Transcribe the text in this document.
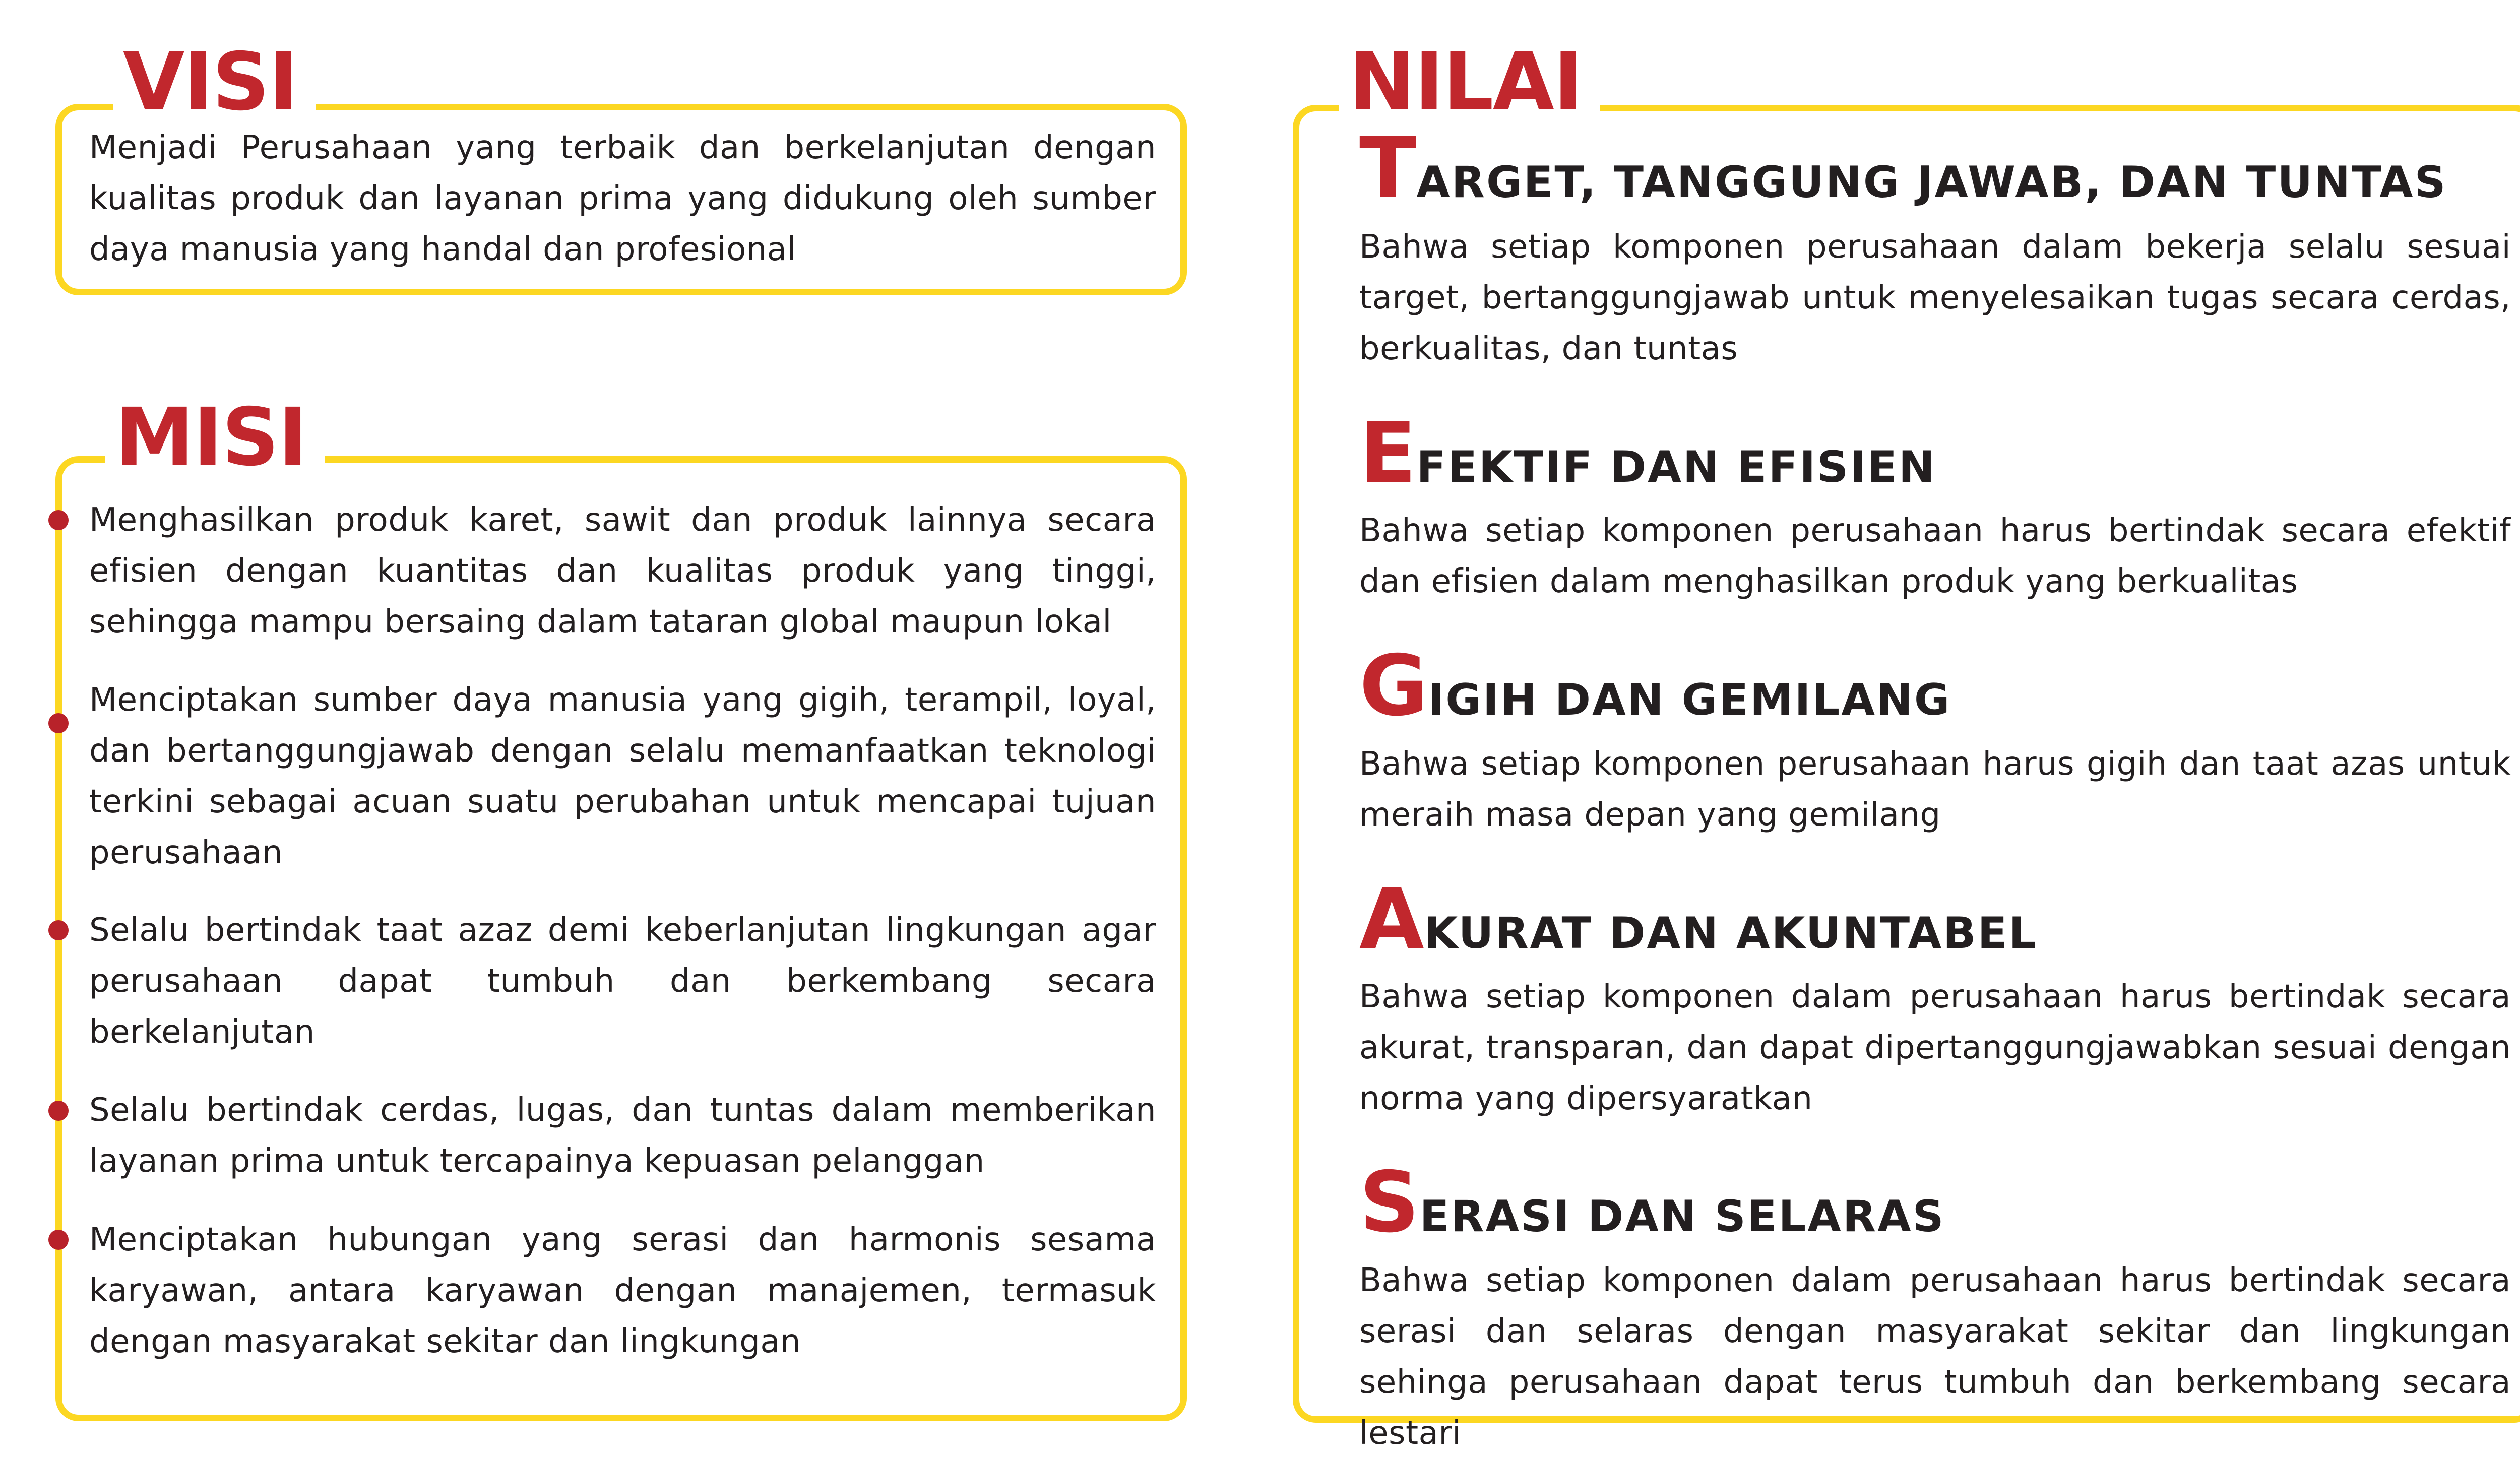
VISI

Menjadi Perusahaan yang terbaik dan berkelanjutan dengan kualitas produk dan layanan prima yang didukung oleh sumber daya manusia yang handal dan profesional

MISI

Menghasilkan produk karet, sawit dan produk lainnya secara efisien dengan kuantitas dan kualitas produk yang tinggi, sehingga mampu bersaing dalam tataran global maupun lokal

Menciptakan sumber daya manusia yang gigih, terampil, loyal, dan bertanggungjawab dengan selalu memanfaatkan teknologi terkini sebagai acuan suatu perubahan untuk mencapai tujuan perusahaan

Selalu bertindak taat azaz demi keberlanjutan lingkungan agar perusahaan dapat tumbuh dan berkembang secara berkelanjutan

Selalu bertindak cerdas, lugas, dan tuntas dalam memberikan layanan prima untuk tercapainya kepuasan pelanggan

Menciptakan hubungan yang serasi dan harmonis sesama karyawan, antara karyawan dengan manajemen, termasuk dengan masyarakat sekitar dan lingkungan

NILAI
TARGET, TANGGUNG JAWAB, DAN TUNTAS

Bahwa setiap komponen perusahaan dalam bekerja selalu sesuai target, bertanggungjawab untuk menyelesaikan tugas secara cerdas, berkualitas, dan tuntas

EFEKTIF DAN EFISIEN

Bahwa setiap komponen perusahaan harus bertindak secara efektif dan efisien dalam menghasilkan produk yang berkualitas

GIGIH DAN GEMILANG

Bahwa setiap komponen perusahaan harus gigih dan taat azas untuk meraih masa depan yang gemilang

AKURAT DAN AKUNTABEL

Bahwa setiap komponen dalam perusahaan harus bertindak secara akurat, transparan, dan dapat dipertanggungjawabkan sesuai dengan norma yang dipersyaratkan

SERASI DAN SELARAS

Bahwa setiap komponen dalam perusahaan harus bertindak secara serasi dan selaras dengan masyarakat sekitar dan lingkungan sehinga perusahaan dapat terus tumbuh dan berkembang secara lestari
